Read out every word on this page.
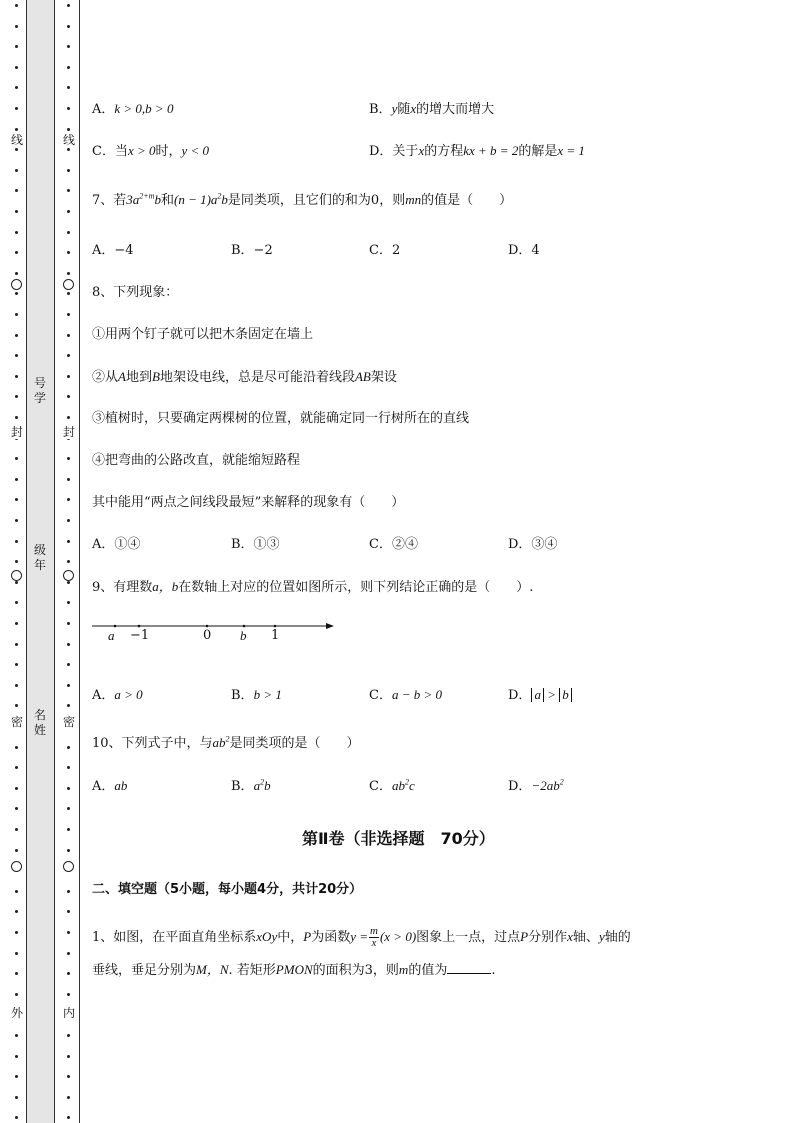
线
封
密
外
线
封
密
内
号
学
级
年
名
姓
A．k > 0,b > 0	B．y随x的增大而增大
C．当x > 0时，y < 0	D．关于x的方程kx + b = 2的解是x = 1
7、若$3a^{2+m}b$和$(n - 1)a^2b$是同类项，且它们的和为0，则mn的值是（　　）
A．−4	B．−2	C．2	D．4
8、下列现象：
①用两个钉子就可以把木条固定在墙上
②从A地到B地架设电线，总是尽可能沿着线段AB架设
③植树时，只要确定两棵树的位置，就能确定同一行树所在的直线
④把弯曲的公路改直，就能缩短路程
其中能用“两点之间线段最短”来解释的现象有（　　）
A．①④	B．①③	C．②④	D．③④
9、有理数a，b在数轴上对应的位置如图所示，则下列结论正确的是（　　）.
a −1	0 b 1
A．a > 0	B．b > 1	C．a − b > 0	D． a > b
10、下列式子中，与$ab^2$是同类项的是（　　）
A．ab	B．$a^2b$	C．$ab^2c$	D．$-2ab^2$
第Ⅱ卷（非选择题　70分）
二、填空题（5小题，每小题4分，共计20分）
1、如图，在平面直角坐标系xOy中，P为函数$y = \frac{m}{x} (x > 0)$图象上一点，过点P分别作x轴、y轴的
垂线，垂足分别为M，N. 若矩形PMON的面积为3，则m的值为	.
